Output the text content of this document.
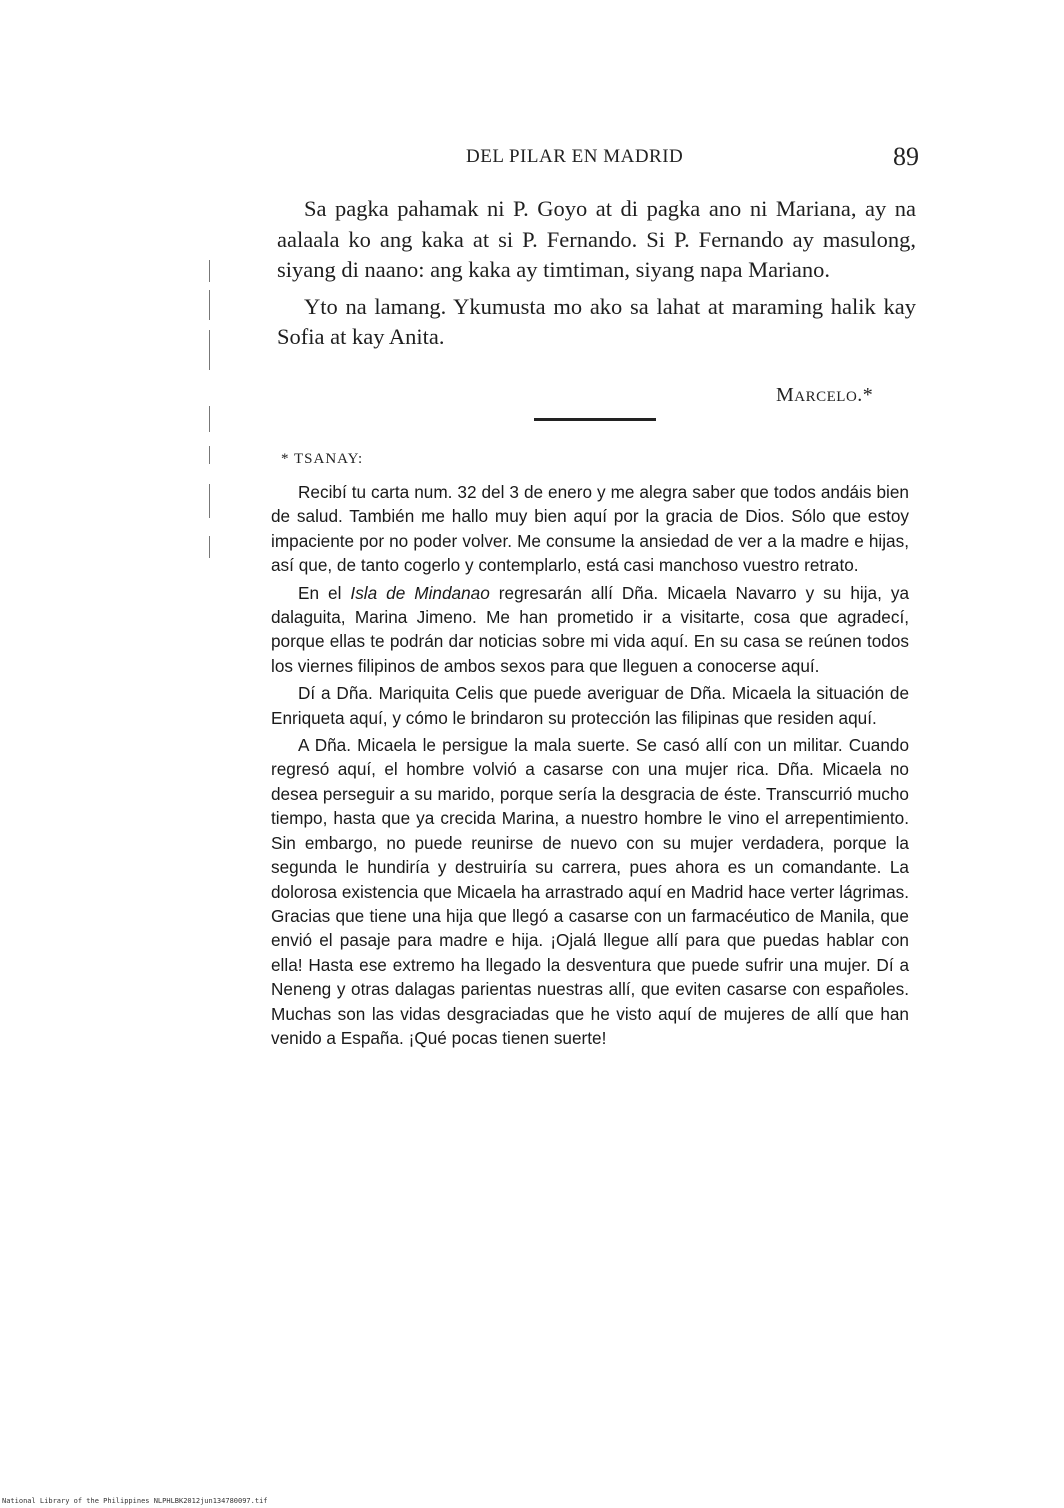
DEL PILAR EN MADRID	89

Sa pagka pahamak ni P. Goyo at di pagka ano ni Mariana, ay na aalaala ko ang kaka at si P. Fernando. Si P. Fernando ay masulong, siyang di naano: ang kaka ay timtiman, siyang napa Mariano.

Yto na lamang. Ykumusta mo ako sa lahat at maraming halik kay Sofia at kay Anita.

MARCELO.*
* TSANAY:

Recibí tu carta num. 32 del 3 de enero y me alegra saber que todos andáis bien de salud. También me hallo muy bien aquí por la gracia de Dios. Sólo que estoy impaciente por no poder volver. Me consume la ansiedad de ver a la madre e hijas, así que, de tanto cogerlo y contemplarlo, está casi manchoso vuestro retrato.

En el Isla de Mindanao regresarán allí Dña. Micaela Navarro y su hija, ya dalaguita, Marina Jimeno. Me han prometido ir a visitarte, cosa que agradecí, porque ellas te podrán dar noticias sobre mi vida aquí. En su casa se reúnen todos los viernes filipinos de ambos sexos para que lleguen a conocerse aquí.

Dí a Dña. Mariquita Celis que puede averiguar de Dña. Micaela la situación de Enriqueta aquí, y cómo le brindaron su protección las filipinas que residen aquí.

A Dña. Micaela le persigue la mala suerte. Se casó allí con un militar. Cuando regresó aquí, el hombre volvió a casarse con una mujer rica. Dña. Micaela no desea perseguir a su marido, porque sería la desgracia de éste. Transcurrió mucho tiempo, hasta que ya crecida Marina, a nuestro hombre le vino el arrepentimiento. Sin embargo, no puede reunirse de nuevo con su mujer verdadera, porque la segunda le hundiría y destruiría su carrera, pues ahora es un comandante. La dolorosa existencia que Micaela ha arrastrado aquí en Madrid hace verter lágrimas. Gracias que tiene una hija que llegó a casarse con un farmacéutico de Manila, que envió el pasaje para madre e hija. ¡Ojalá llegue allí para que puedas hablar con ella! Hasta ese extremo ha llegado la desventura que puede sufrir una mujer. Dí a Neneng y otras dalagas parientas nuestras allí, que eviten casarse con españoles. Muchas son las vidas desgraciadas que he visto aquí de mujeres de allí que han venido a España. ¡Qué pocas tienen suerte!

National Library of the Philippines NLPHLBK2012jun134780097.tif
